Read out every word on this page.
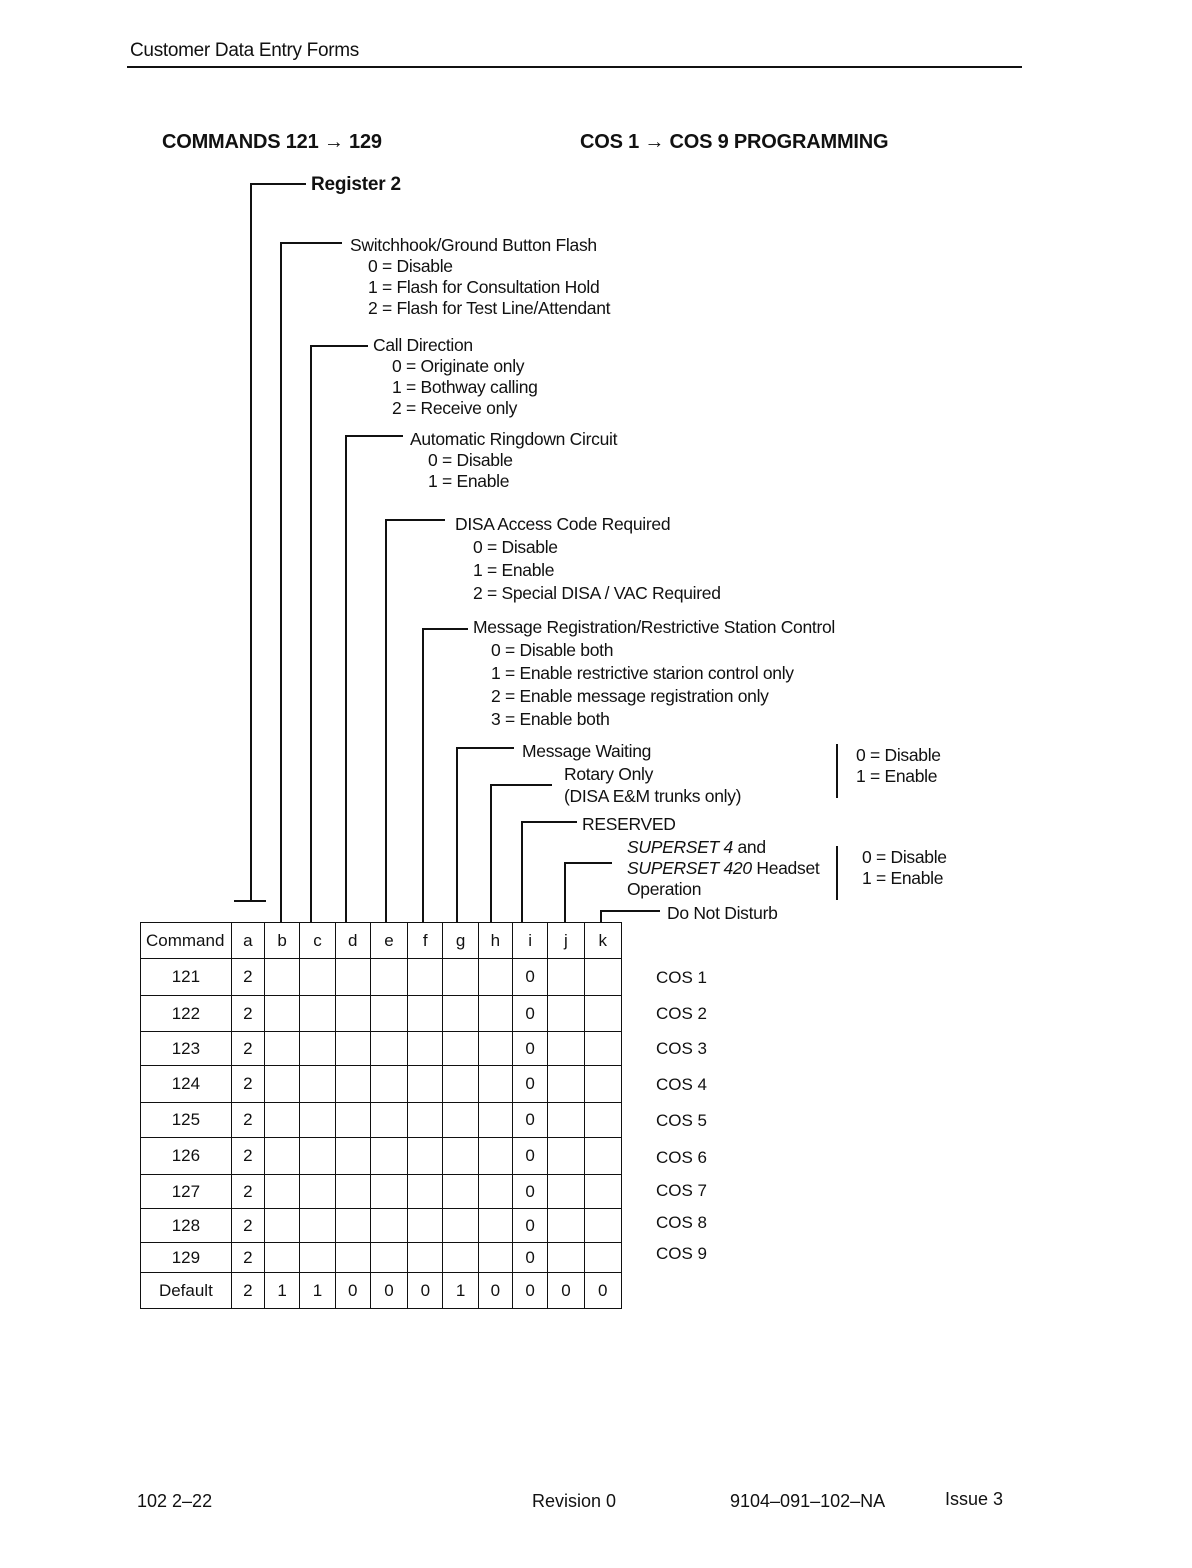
Customer Data Entry Forms
COMMANDS 121 → 129	COS 1 → COS 9 PROGRAMMING
Register 2
Switchhook/Ground Button Flash
0 = Disable
1 = Flash for Consultation Hold
2 = Flash for Test Line/Attendant
Call Direction
0 = Originate only
1 = Bothway calling
2 = Receive only
Automatic Ringdown Circuit
0 = Disable
1 = Enable
DISA Access Code Required
0 = Disable
1 = Enable
2 = Special DISA / VAC Required
Message Registration/Restrictive Station Control
0 = Disable both
1 = Enable restrictive starion control only
2 = Enable message registration only
3 = Enable both
Message Waiting
Rotary Only
(DISA E&M trunks only)
0 = Disable
1 = Enable
RESERVED
SUPERSET 4 and
SUPERSET 420 Headset
Operation
0 = Disable
1 = Enable
Do Not Disturb
Command	a	b	c	d	e	f	g	h	i	j	k
121	2								0		
122	2								0		
123	2								0		
124	2								0		
125	2								0		
126	2								0		
127	2								0		
128	2								0		
129	2								0		
Default	2	1	1	0	0	0	1	0	0	0	0
COS 1
COS 2
COS 3
COS 4
COS 5
COS 6
COS 7
COS 8
COS 9
102 2–22	Revision 0	9104–091–102–NA	Issue 3
